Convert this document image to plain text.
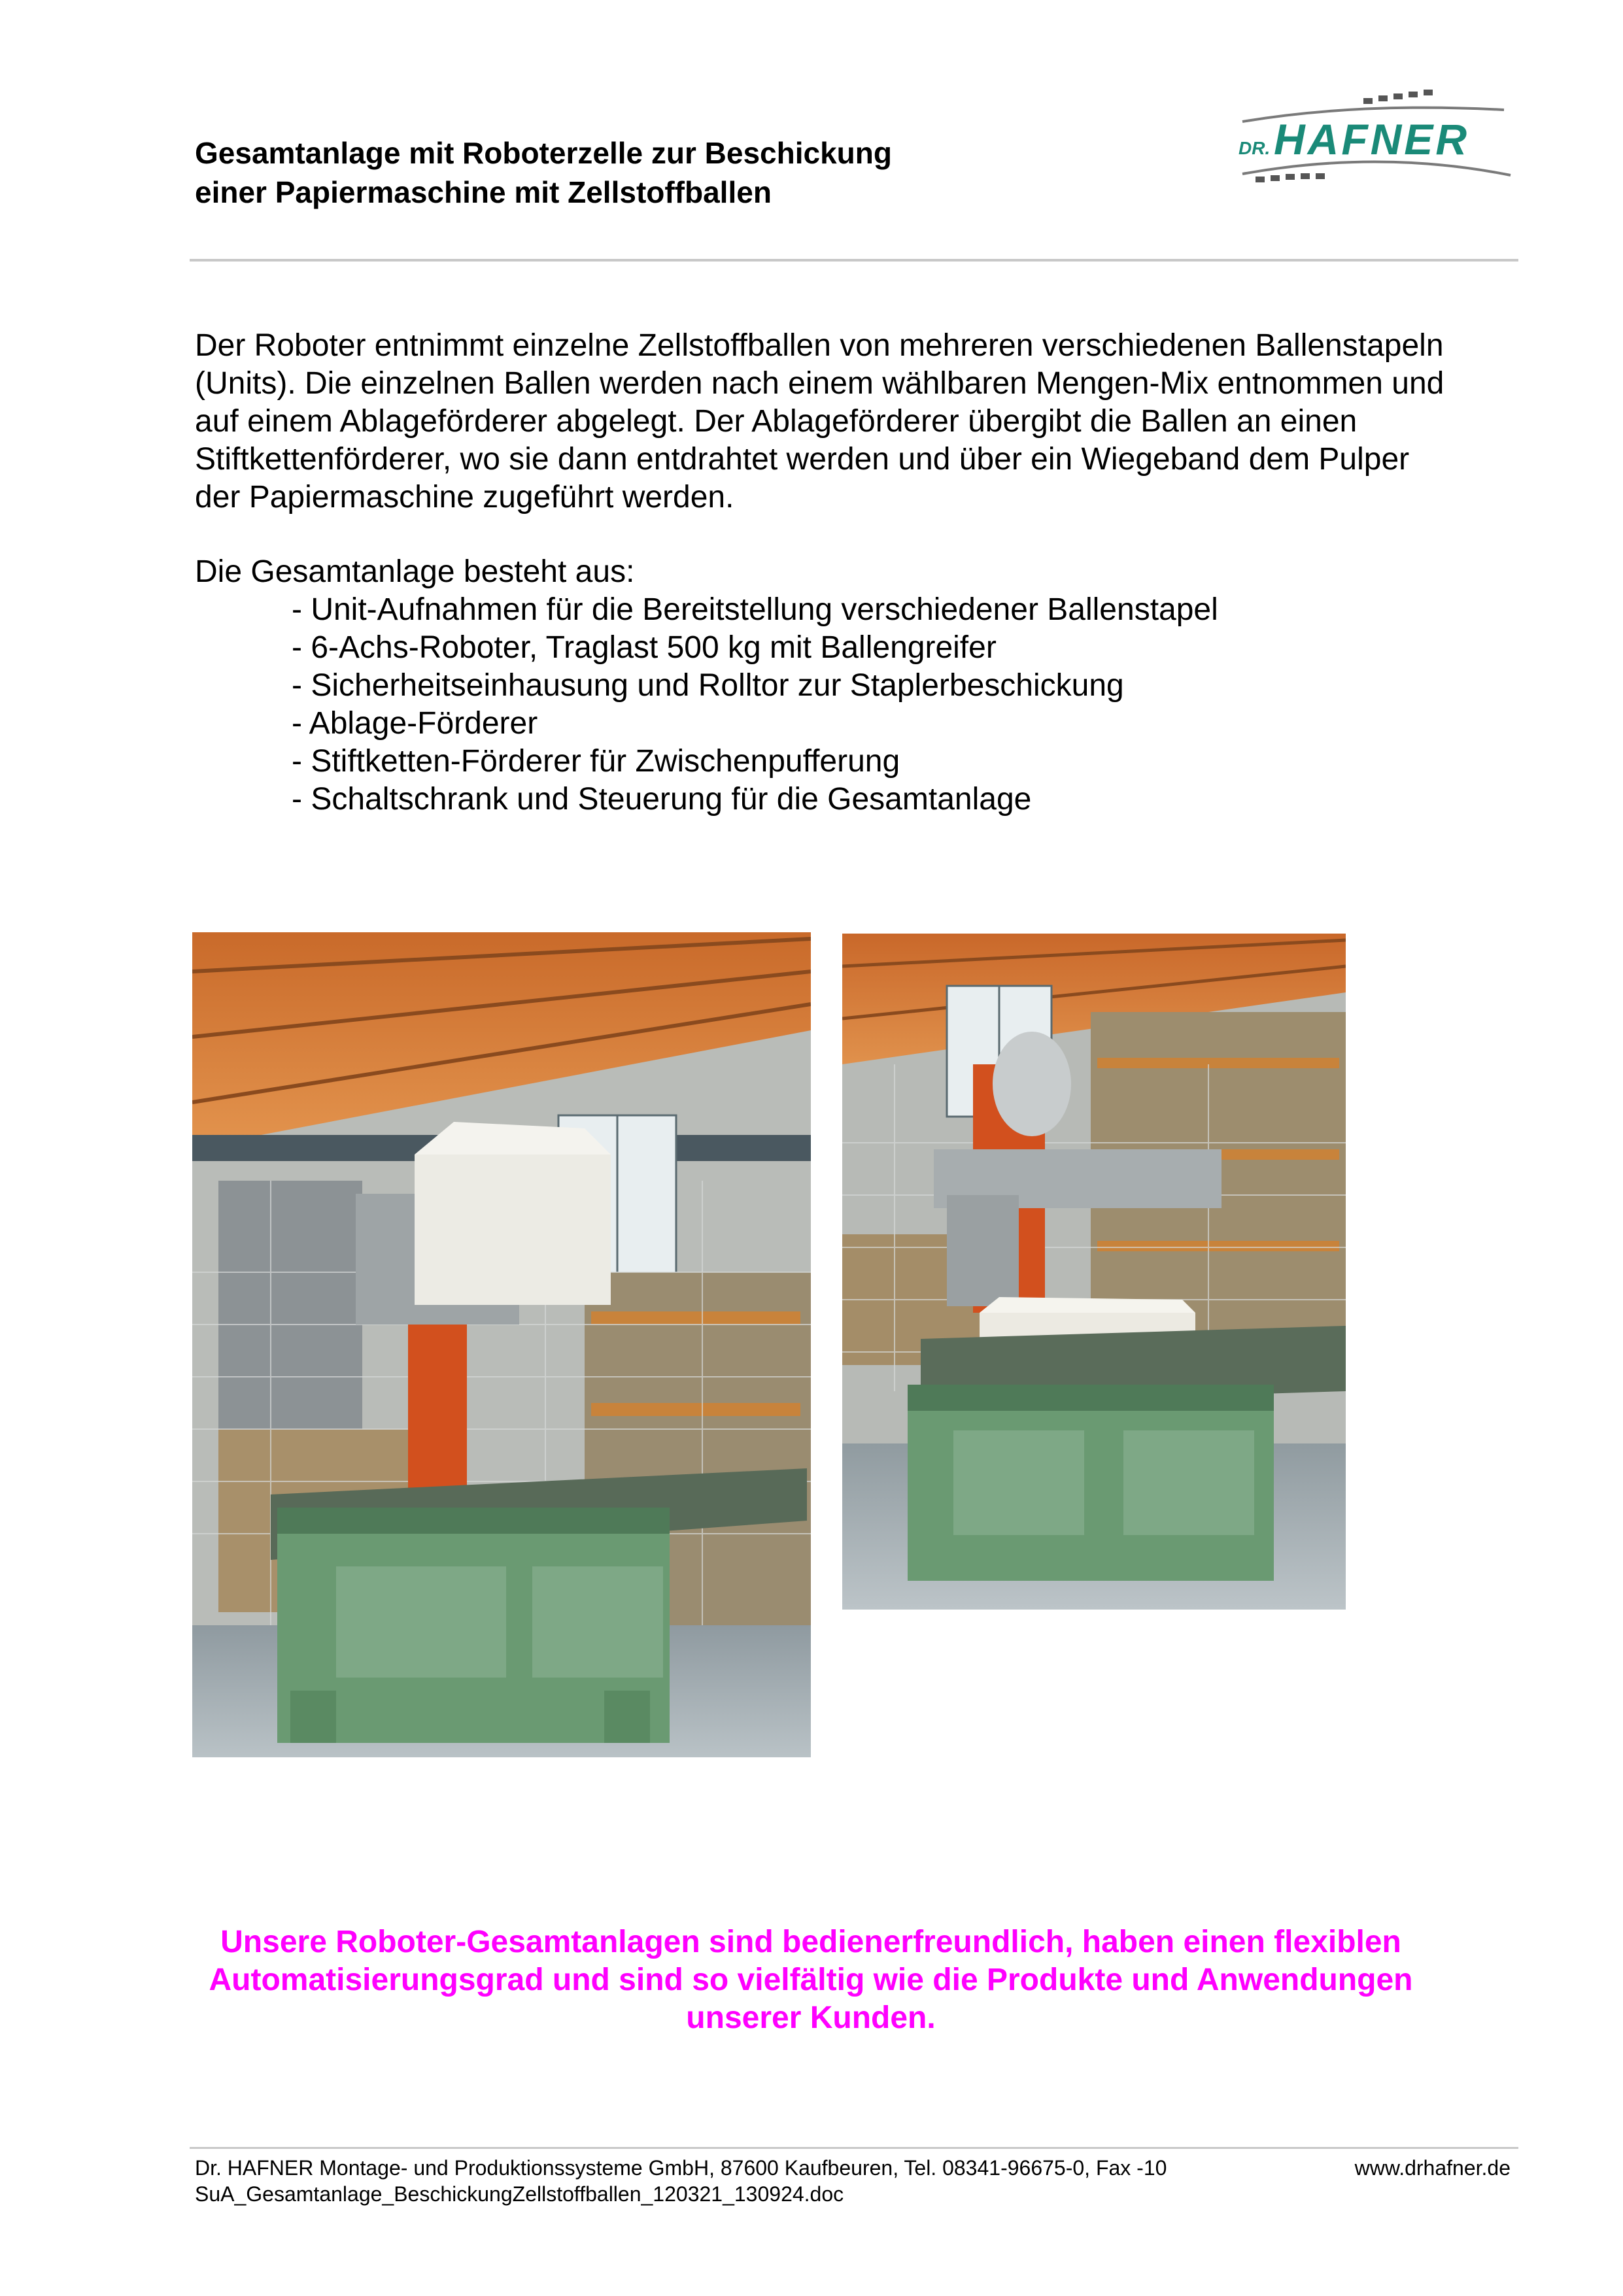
Gesamtanlage mit Roboterzelle zur Beschickung
einer Papiermaschine mit Zellstoffballen
DR. HAFNER
Der Roboter entnimmt einzelne Zellstoffballen von mehreren verschiedenen Ballenstapeln
(Units). Die einzelnen Ballen werden nach einem wählbaren Mengen-Mix entnommen und
auf einem Ablageförderer abgelegt. Der Ablageförderer übergibt die Ballen an einen
Stiftkettenförderer, wo sie dann entdrahtet werden und über ein Wiegeband dem Pulper
der Papiermaschine zugeführt werden.
Die Gesamtanlage besteht aus:
- Unit-Aufnahmen für die Bereitstellung verschiedener Ballenstapel
- 6-Achs-Roboter, Traglast 500 kg mit Ballengreifer
- Sicherheitseinhausung und Rolltor zur Staplerbeschickung
- Ablage-Förderer
- Stiftketten-Förderer für Zwischenpufferung
- Schaltschrank und Steuerung für die Gesamtanlage
Unsere Roboter-Gesamtanlagen sind bedienerfreundlich, haben einen flexiblen
Automatisierungsgrad und sind so vielfältig wie die Produkte und Anwendungen
unserer Kunden.
Dr. HAFNER Montage- und Produktionssysteme GmbH, 87600 Kaufbeuren, Tel. 08341-96675-0, Fax -10	www.drhafner.de
SuA_Gesamtanlage_BeschickungZellstoffballen_120321_130924.doc
